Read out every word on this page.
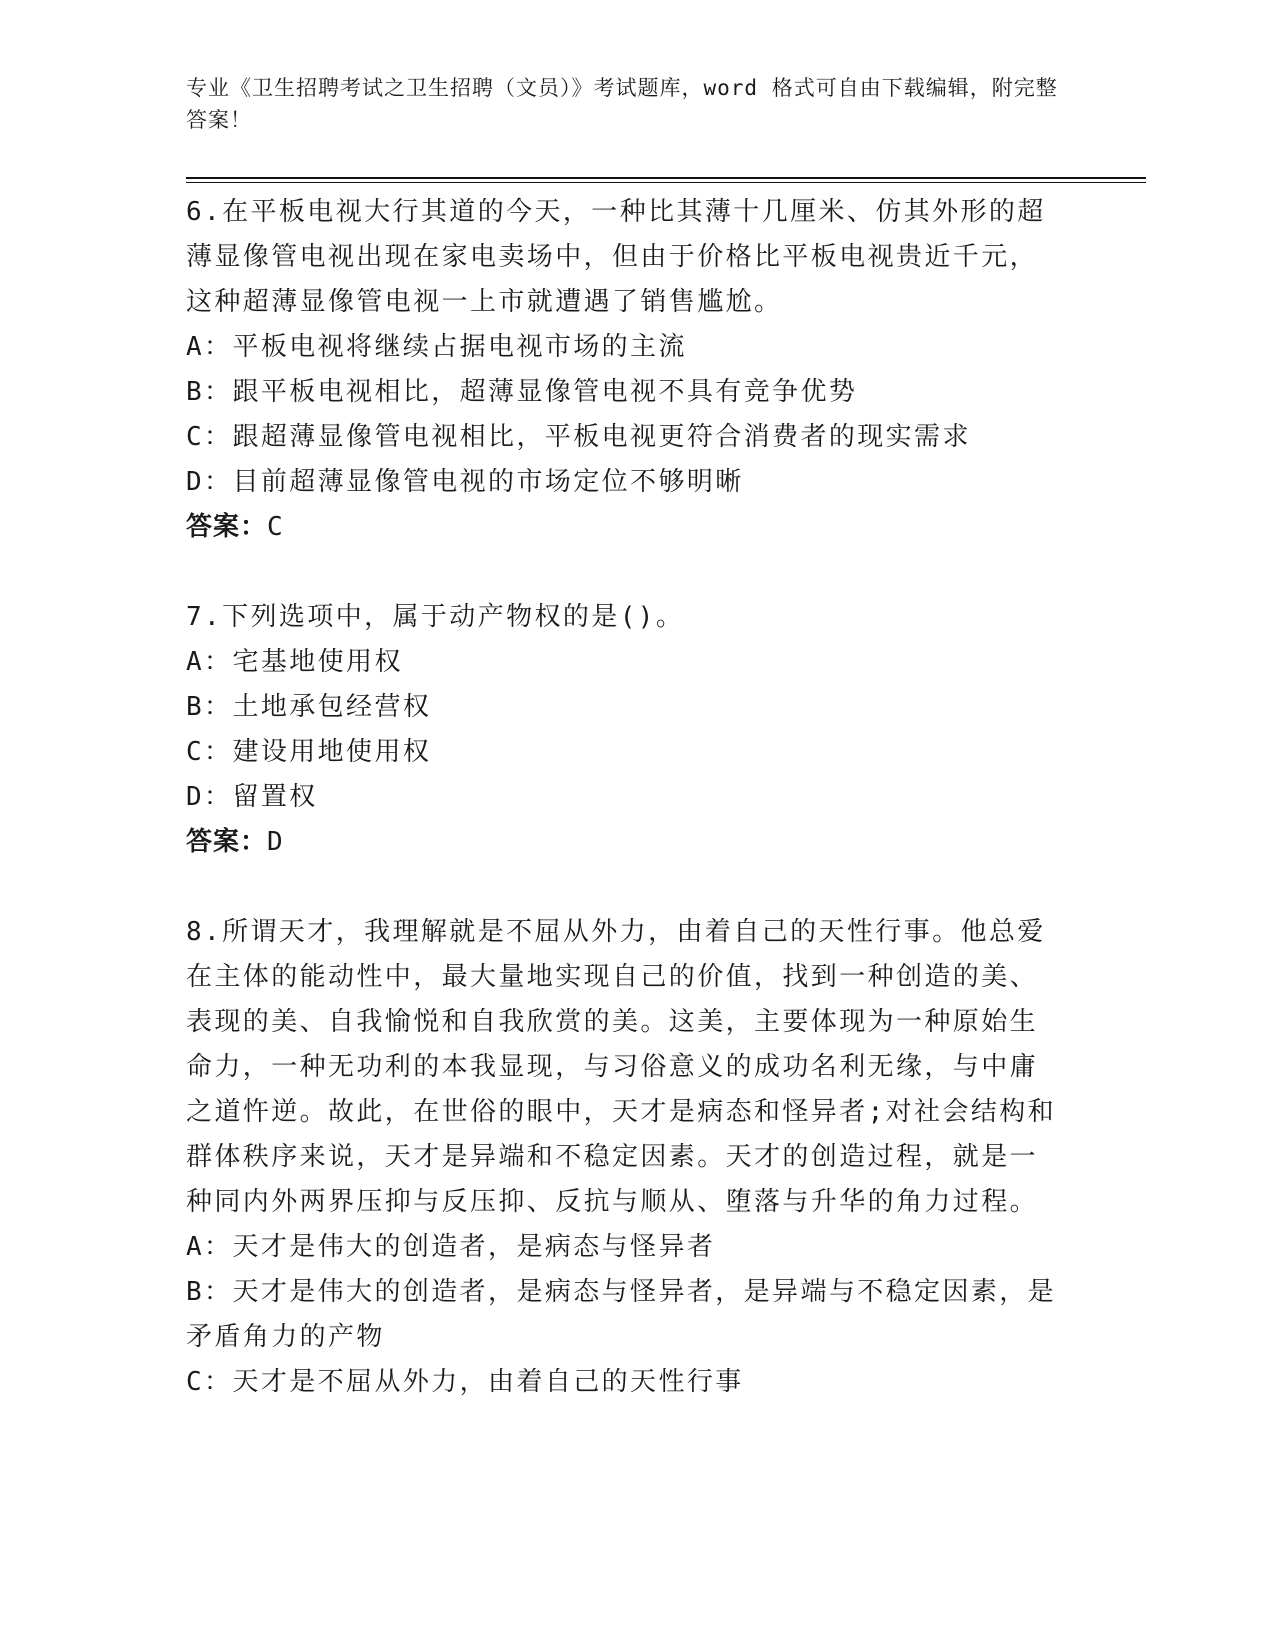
专业《卫生招聘考试之卫生招聘（文员）》考试题库，word 格式可自由下载编辑，附完整答案！

6.在平板电视大行其道的今天，一种比其薄十几厘米、仿其外形的超薄显像管电视出现在家电卖场中，但由于价格比平板电视贵近千元，这种超薄显像管电视一上市就遭遇了销售尴尬。

A：平板电视将继续占据电视市场的主流

B：跟平板电视相比，超薄显像管电视不具有竞争优势

C：跟超薄显像管电视相比，平板电视更符合消费者的现实需求

D：目前超薄显像管电视的市场定位不够明晰

答案：C

7.下列选项中，属于动产物权的是()。

A：宅基地使用权

B：土地承包经营权

C：建设用地使用权

D：留置权

答案：D

8.所谓天才，我理解就是不屈从外力，由着自己的天性行事。他总爱在主体的能动性中，最大量地实现自己的价值，找到一种创造的美、表现的美、自我愉悦和自我欣赏的美。这美，主要体现为一种原始生命力，一种无功利的本我显现，与习俗意义的成功名利无缘，与中庸之道忤逆。故此，在世俗的眼中，天才是病态和怪异者;对社会结构和群体秩序来说，天才是异端和不稳定因素。天才的创造过程，就是一种同内外两界压抑与反压抑、反抗与顺从、堕落与升华的角力过程。

A：天才是伟大的创造者，是病态与怪异者

B：天才是伟大的创造者，是病态与怪异者，是异端与不稳定因素，是矛盾角力的产物

C：天才是不屈从外力，由着自己的天性行事
